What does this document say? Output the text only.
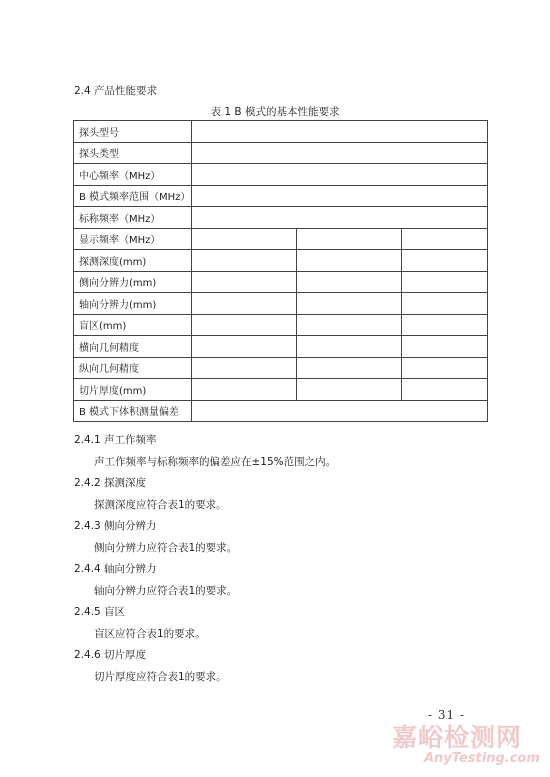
2.4 产品性能要求
表 1 B 模式的基本性能要求
探头型号			
探头类型			
中心频率（MHz）			
B 模式频率范围（MHz）			
标称频率（MHz）			
显示频率（MHz）			
探测深度(mm)			
侧向分辨力(mm)			
轴向分辨力(mm)			
盲区(mm)			
横向几何精度			
纵向几何精度			
切片厚度(mm)			
B 模式下体积测量偏差			
2.4.1 声工作频率
声工作频率与标称频率的偏差应在±15%范围之内。
2.4.2 探测深度
探测深度应符合表1的要求。
2.4.3 侧向分辨力
侧向分辨力应符合表1的要求。
2.4.4 轴向分辨力
轴向分辨力应符合表1的要求。
2.4.5 盲区
盲区应符合表1的要求。
2.4.6 切片厚度
切片厚度应符合表1的要求。
- 31 -
嘉峪检测网
AnyTesting.com
